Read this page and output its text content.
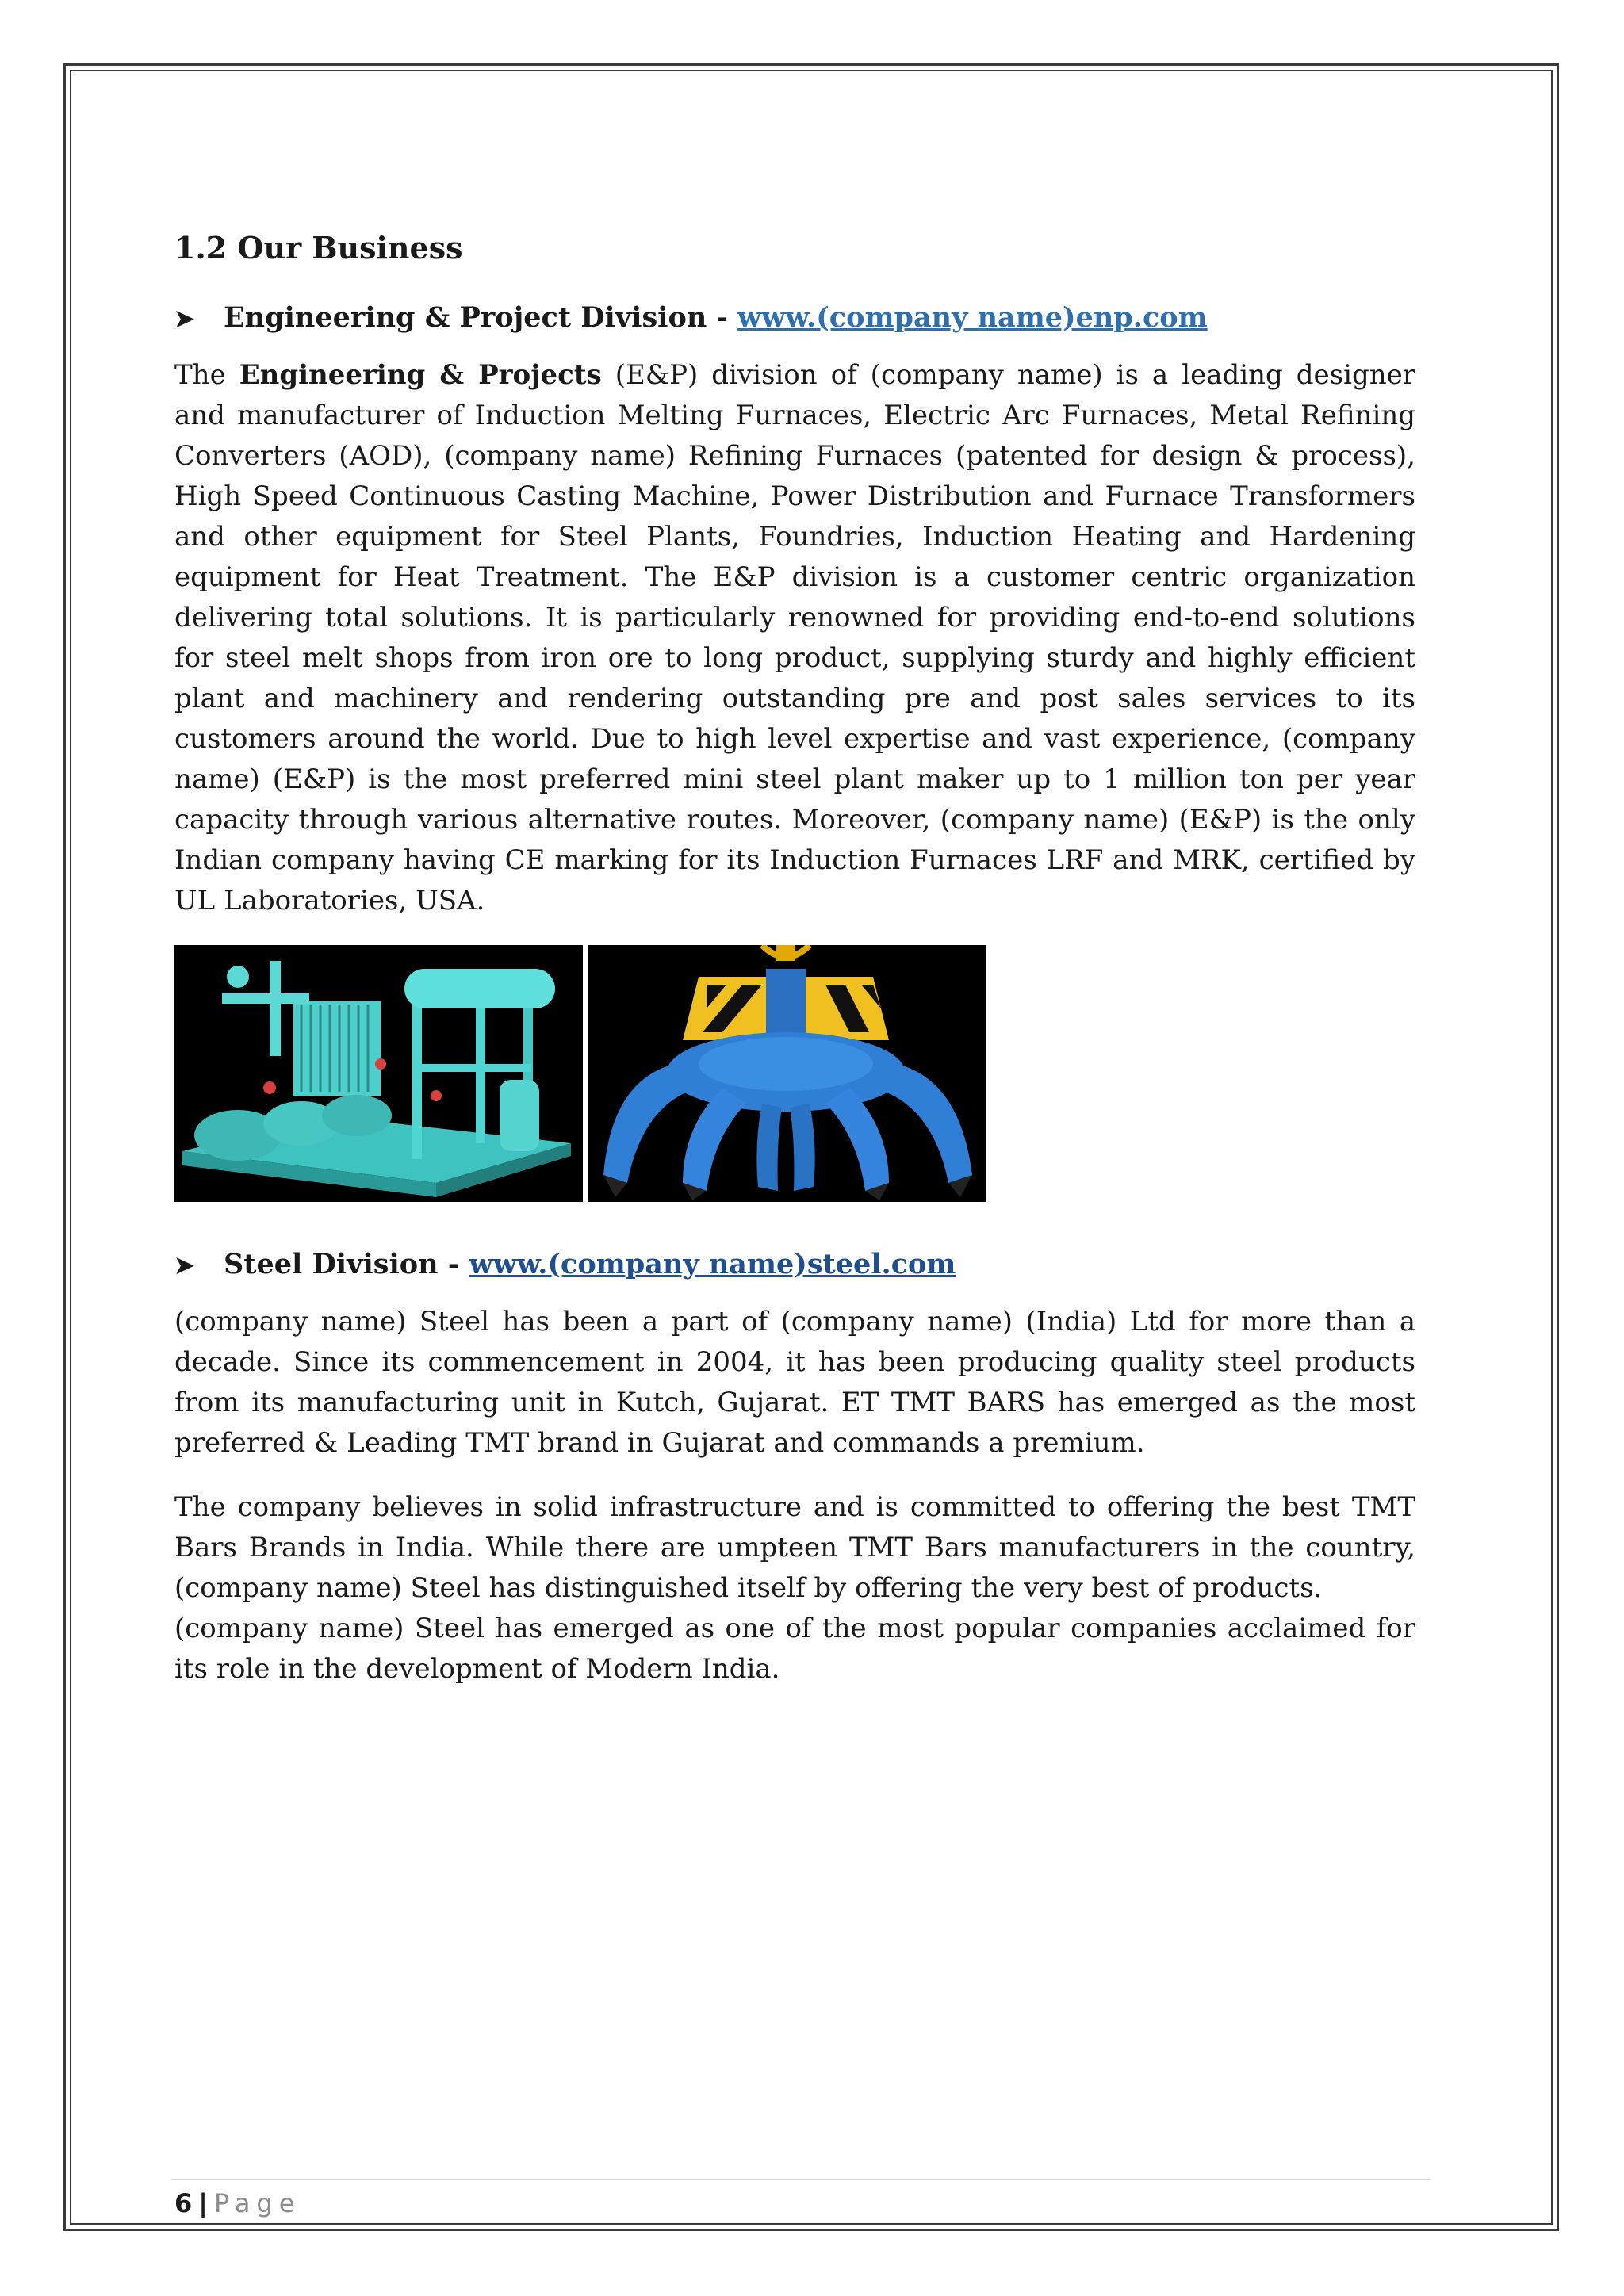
1.2 Our Business
➤	Engineering & Project Division - www.(company name)enp.com

The Engineering & Projects (E&P) division of (company name) is a leading designer and manufacturer of Induction Melting Furnaces, Electric Arc Furnaces, Metal Refining Converters (AOD), (company name) Refining Furnaces (patented for design & process), High Speed Continuous Casting Machine, Power Distribution and Furnace Transformers and other equipment for Steel Plants, Foundries, Induction Heating and Hardening equipment for Heat Treatment. The E&P division is a customer centric organization delivering total solutions. It is particularly renowned for providing end-to-end solutions for steel melt shops from iron ore to long product, supplying sturdy and highly efficient plant and machinery and rendering outstanding pre and post sales services to its customers around the world. Due to high level expertise and vast experience, (company name) (E&P) is the most preferred mini steel plant maker up to 1 million ton per year capacity through various alternative routes. Moreover, (company name) (E&P) is the only Indian company having CE marking for its Induction Furnaces LRF and MRK, certified by UL Laboratories, USA.

➤	Steel Division - www.(company name)steel.com

(company name) Steel has been a part of (company name) (India) Ltd for more than a decade. Since its commencement in 2004, it has been producing quality steel products from its manufacturing unit in Kutch, Gujarat. ET TMT BARS has emerged as the most preferred & Leading TMT brand in Gujarat and commands a premium.

The company believes in solid infrastructure and is committed to offering the best TMT Bars Brands in India. While there are umpteen TMT Bars manufacturers in the country, (company name) Steel has distinguished itself by offering the very best of products.

(company name) Steel has emerged as one of the most popular companies acclaimed for its role in the development of Modern India.

6 | Page
